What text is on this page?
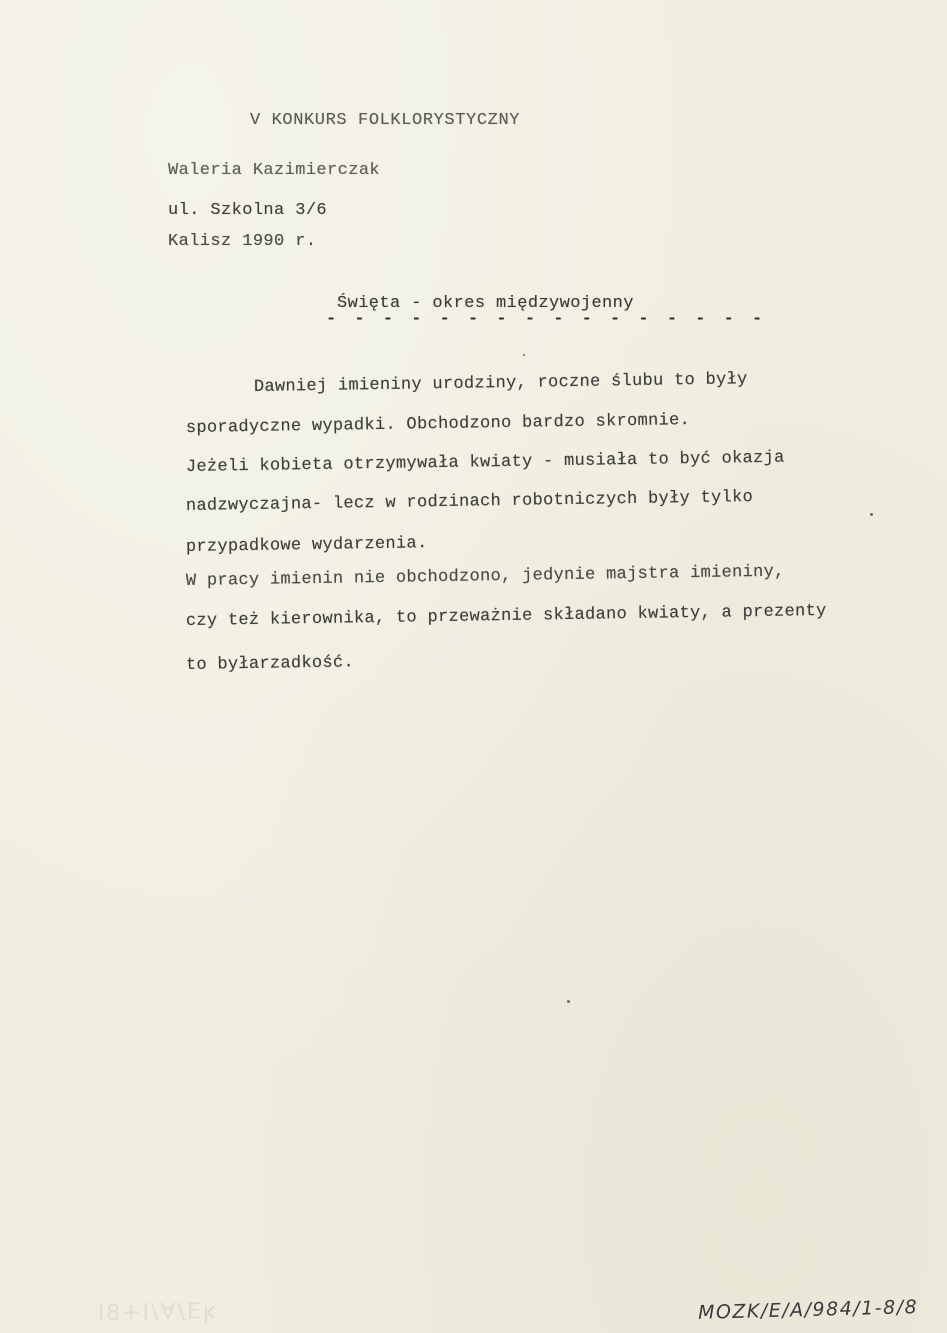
V KONKURS FOLKLORYSTYCZNY
Waleria Kazimierczak
ul. Szkolna 3/6
Kalisz 1990 r.
Święta - okres międzywojenny
- - - - - - - - - - - - - - - -
Dawniej imieniny urodziny, roczne ślubu to były
sporadyczne wypadki. Obchodzono bardzo skromnie.
Jeżeli kobieta otrzymywała kwiaty - musiała to być okazja
nadzwyczajna- lecz w rodzinach robotniczych były tylko
przypadkowe wydarzenia.
W pracy imienin nie obchodzono, jedynie majstra imieniny,
czy też kierownika, to przeważnie składano kwiaty, a prezenty
to byłarzadkość.
ʞƎ/∀/I+8l	MOZK/E/A/984/1-8/8
